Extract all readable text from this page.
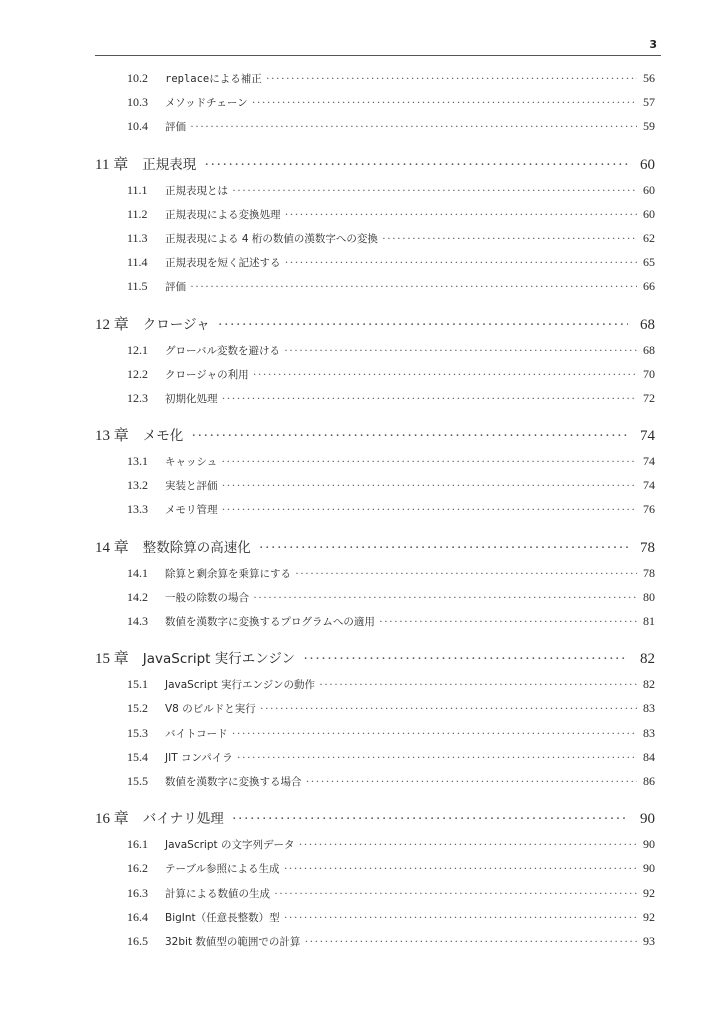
3
10.2	replace による補正 ·····	56
10.3	メソッドチェーン ·····	57
10.4	評価 ·····	59
11 章 正規表現 ·····	60
11.1	正規表現とは ·····	60
11.2	正規表現による変換処理 ·····	60
11.3	正規表現による 4 桁の数値の漢数字への変換 ·····	62
11.4	正規表現を短く記述する ·····	65
11.5	評価 ·····	66
12 章 クロージャ ·····	68
12.1	グローバル変数を避ける ·····	68
12.2	クロージャの利用 ·····	70
12.3	初期化処理 ·····	72
13 章 メモ化 ·····	74
13.1	キャッシュ ·····	74
13.2	実装と評価 ·····	74
13.3	メモリ管理 ·····	76
14 章 整数除算の高速化 ·····	78
14.1	除算と剰余算を乗算にする ·····	78
14.2	一般の除数の場合 ·····	80
14.3	数値を漢数字に変換するプログラムへの適用 ·····	81
15 章 JavaScript 実行エンジン ·····	82
15.1	JavaScript 実行エンジンの動作 ·····	82
15.2	V8 のビルドと実行 ·····	83
15.3	バイトコード ·····	83
15.4	JIT コンパイラ ·····	84
15.5	数値を漢数字に変換する場合 ·····	86
16 章 バイナリ処理 ·····	90
16.1	JavaScript の文字列データ ·····	90
16.2	テーブル参照による生成 ·····	90
16.3	計算による数値の生成 ·····	92
16.4	BigInt（任意長整数）型 ·····	92
16.5	32bit 数値型の範囲での計算 ·····	93
